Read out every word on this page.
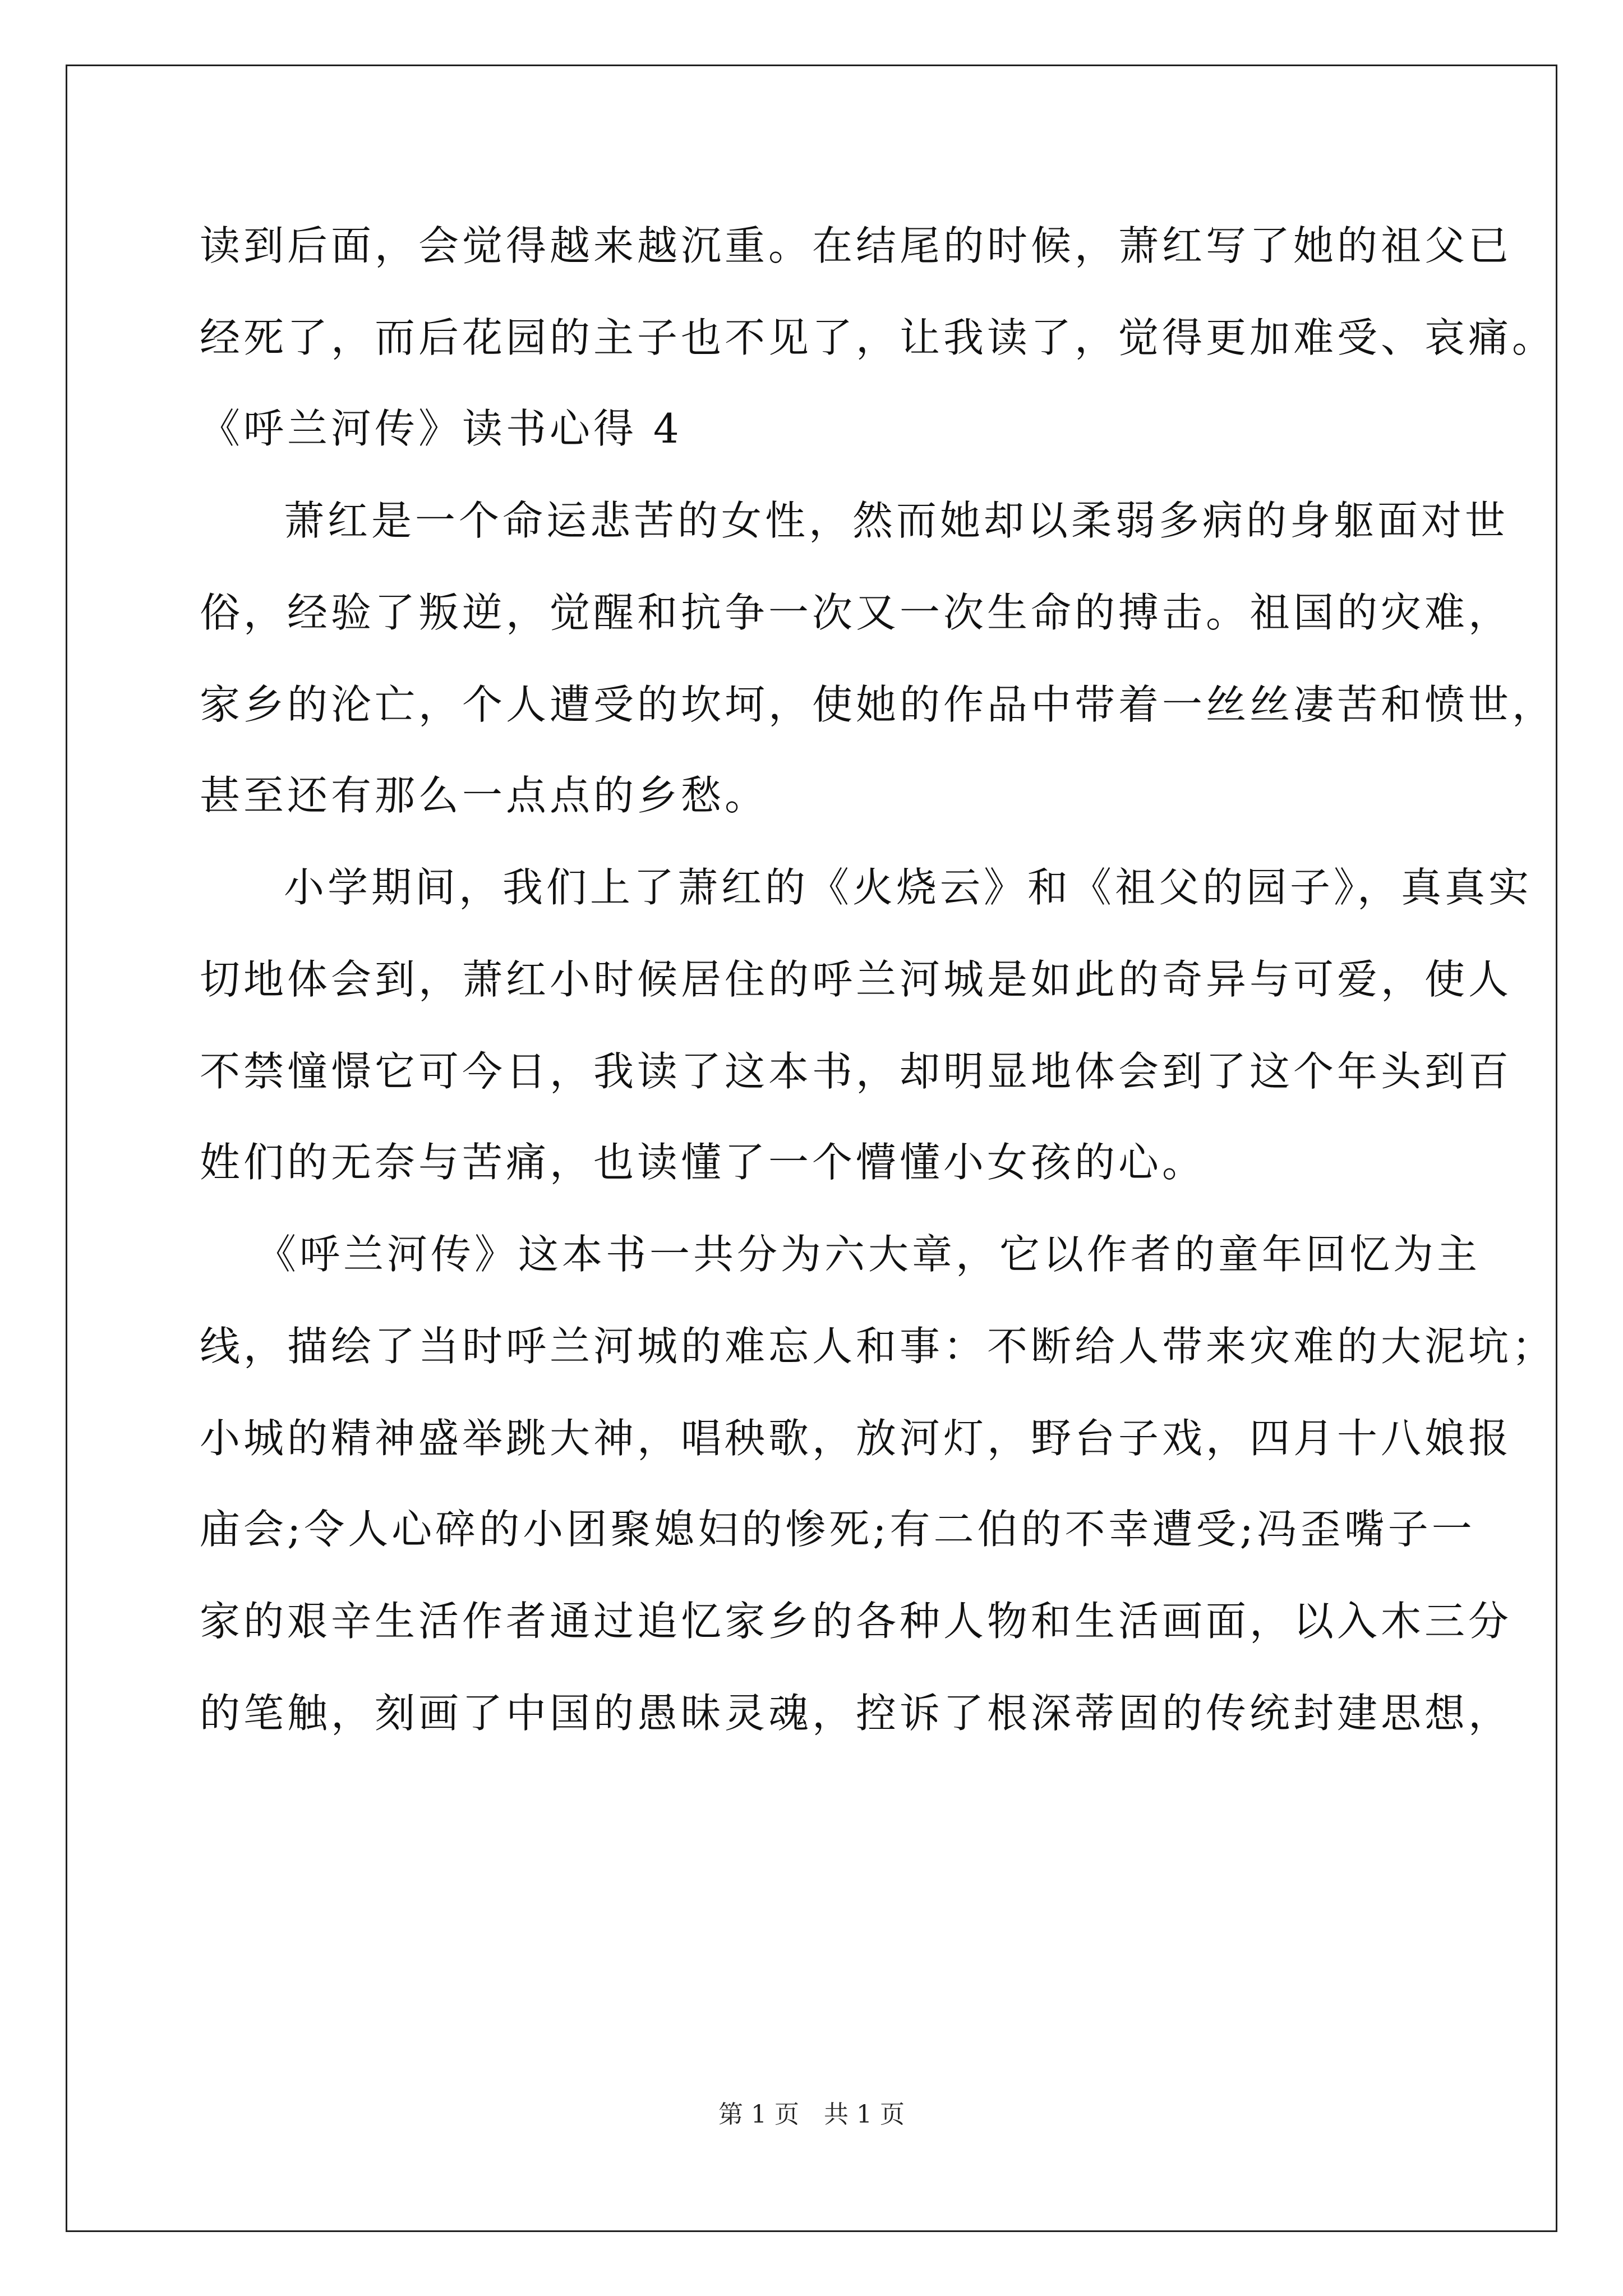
读到后面，会觉得越来越沉重。在结尾的时候，萧红写了她的祖父已
经死了，而后花园的主子也不见了，让我读了，觉得更加难受、哀痛。
《呼兰河传》读书心得 4
萧红是一个命运悲苦的女性，然而她却以柔弱多病的身躯面对世
俗，经验了叛逆，觉醒和抗争一次又一次生命的搏击。祖国的灾难，
家乡的沦亡，个人遭受的坎坷，使她的作品中带着一丝丝凄苦和愤世，
甚至还有那么一点点的乡愁。
小学期间，我们上了萧红的《火烧云》和《祖父的园子》，真真实
切地体会到，萧红小时候居住的呼兰河城是如此的奇异与可爱，使人
不禁憧憬它可今日，我读了这本书，却明显地体会到了这个年头到百
姓们的无奈与苦痛，也读懂了一个懵懂小女孩的心。
《呼兰河传》这本书一共分为六大章，它以作者的童年回忆为主
线，描绘了当时呼兰河城的难忘人和事：不断给人带来灾难的大泥坑；
小城的精神盛举跳大神，唱秧歌，放河灯，野台子戏，四月十八娘报
庙会;令人心碎的小团聚媳妇的惨死;有二伯的不幸遭受;冯歪嘴子一
家的艰辛生活作者通过追忆家乡的各种人物和生活画面，以入木三分
的笔触，刻画了中国的愚昧灵魂，控诉了根深蒂固的传统封建思想，
第 1 页　共 1 页
